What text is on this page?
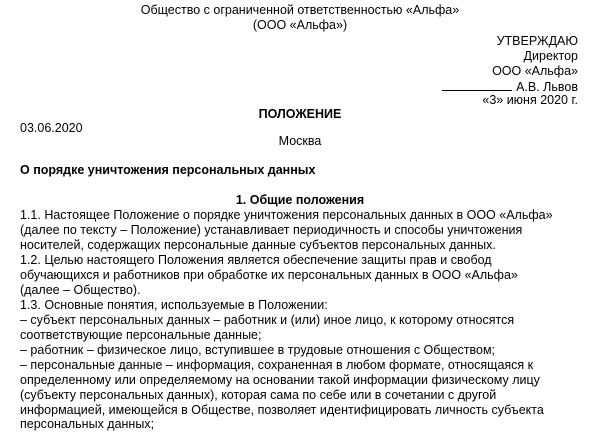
Общество с ограниченной ответственностью «Альфа»
(ООО «Альфа»)
УТВЕРЖДАЮ
Директор
ООО «Альфа»
А.В. Львов
«3» июня 2020 г.
ПОЛОЖЕНИЕ
03.06.2020
Москва
О порядке уничтожения персональных данных
1. Общие положения
1.1. Настоящее Положение о порядке уничтожения персональных данных в ООО «Альфа»
(далее по тексту – Положение) устанавливает периодичность и способы уничтожения
носителей, содержащих персональные данные субъектов персональных данных.
1.2. Целью настоящего Положения является обеспечение защиты прав и свобод
обучающихся и работников при обработке их персональных данных в ООО «Альфа»
(далее – Общество).
1.3. Основные понятия, используемые в Положении:
– субъект персональных данных – работник и (или) иное лицо, к которому относятся
соответствующие персональные данные;
– работник – физическое лицо, вступившее в трудовые отношения с Обществом;
– персональные данные – информация, сохраненная в любом формате, относящаяся к
определенному или определяемому на основании такой информации физическому лицу
(субъекту персональных данных), которая сама по себе или в сочетании с другой
информацией, имеющейся в Обществе, позволяет идентифицировать личность субъекта
персональных данных;
